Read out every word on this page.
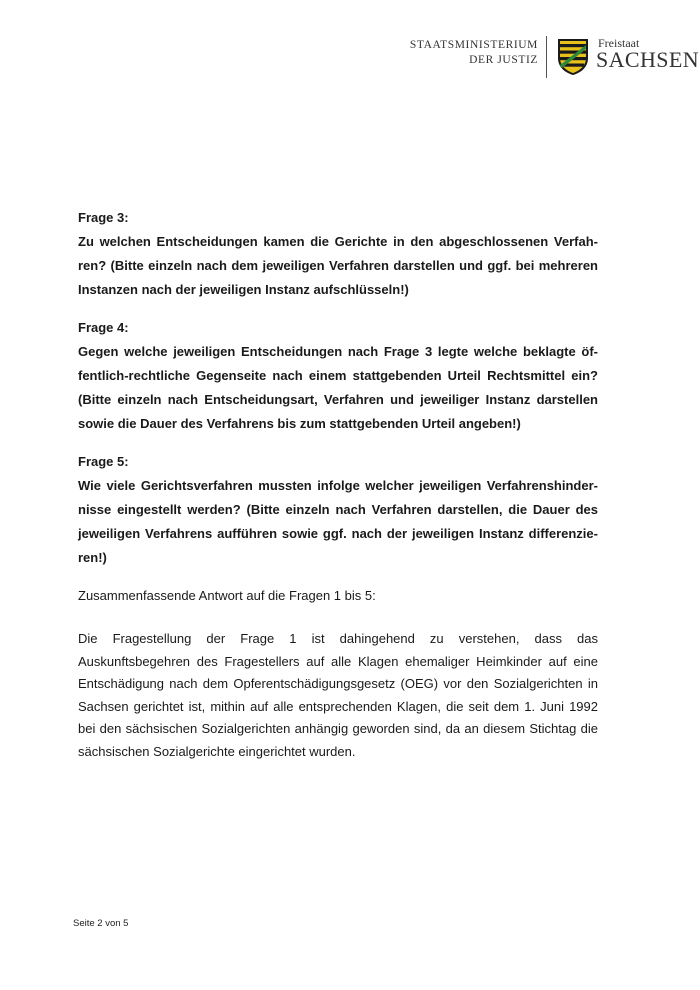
STAATSMINISTERIUM
DER JUSTIZ
Freistaat
SACHSEN

Frage 3:

Zu welchen Entscheidungen kamen die Gerichte in den abgeschlossenen Verfahren? (Bitte einzeln nach dem jeweiligen Verfahren darstellen und ggf. bei mehreren Instanzen nach der jeweiligen Instanz aufschlüsseln!)

Frage 4:

Gegen welche jeweiligen Entscheidungen nach Frage 3 legte welche beklagte öffentlich-rechtliche Gegenseite nach einem stattgebenden Urteil Rechtsmittel ein? (Bitte einzeln nach Entscheidungsart, Verfahren und jeweiliger Instanz darstellen sowie die Dauer des Verfahrens bis zum stattgebenden Urteil angeben!)

Frage 5:

Wie viele Gerichtsverfahren mussten infolge welcher jeweiligen Verfahrenshindernisse eingestellt werden? (Bitte einzeln nach Verfahren darstellen, die Dauer des jeweiligen Verfahrens aufführen sowie ggf. nach der jeweiligen Instanz differenzieren!)

Zusammenfassende Antwort auf die Fragen 1 bis 5:

Die Fragestellung der Frage 1 ist dahingehend zu verstehen, dass das Auskunftsbegehren des Fragestellers auf alle Klagen ehemaliger Heimkinder auf eine Entschädigung nach dem Opferentschädigungsgesetz (OEG) vor den Sozialgerichten in Sachsen gerichtet ist, mithin auf alle entsprechenden Klagen, die seit dem 1. Juni 1992 bei den sächsischen Sozialgerichten anhängig geworden sind, da an diesem Stichtag die sächsischen Sozialgerichte eingerichtet wurden.

Seite 2 von 5
